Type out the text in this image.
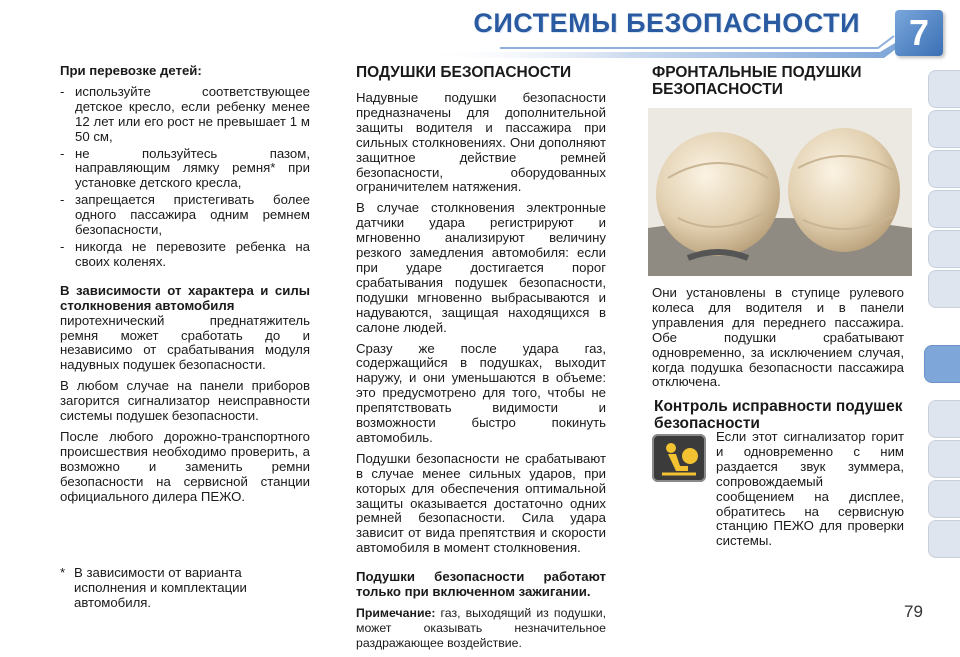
СИСТЕМЫ БЕЗОПАСНОСТИ	7

При перевозке детей:

- используйте соответствующее детское кресло, если ребенку менее 12 лет или его рост не превышает 1 м 50 см,
- не пользуйтесь пазом, направляющим лямку ремня* при установке детского кресла,
- запрещается пристегивать более одного пассажира одним ремнем безопасности,
- никогда не перевозите ребенка на своих коленях.

В зависимости от характера и силы столкновения автомобиля

пиротехнический преднатяжитель ремня может сработать до и независимо от срабатывания модуля надувных подушек безопасности.

В любом случае на панели приборов загорится сигнализатор неисправности системы подушек безопасности.

После любого дорожно-транспортного происшествия необходимо проверить, а возможно и заменить ремни безопасности на сервисной станции официального дилера ПЕЖО.

* В зависимости от варианта исполнения и комплектации автомобиля.
ПОДУШКИ БЕЗОПАСНОСТИ

Надувные подушки безопасности предназначены для дополнительной защиты водителя и пассажира при сильных столкновениях. Они дополняют защитное действие ремней безопасности, оборудованных ограничителем натяжения.

В случае столкновения электронные датчики удара регистрируют и мгновенно анализируют величину резкого замедления автомобиля: если при ударе достигается порог срабатывания подушек безопасности, подушки мгновенно выбрасываются и надуваются, защищая находящихся в салоне людей.

Сразу же после удара газ, содержащийся в подушках, выходит наружу, и они уменьшаются в объеме: это предусмотрено для того, чтобы не препятствовать видимости и возможности быстро покинуть автомобиль.

Подушки безопасности не срабатывают в случае менее сильных ударов, при которых для обеспечения оптимальной защиты оказывается достаточно одних ремней безопасности. Сила удара зависит от вида препятствия и скорости автомобиля в момент столкновения.

Подушки безопасности работают только при включенном зажигании.

Примечание: газ, выходящий из подушки, может оказывать незначительное раздражающее воздействие.

ФРОНТАЛЬНЫЕ ПОДУШКИ БЕЗОПАСНОСТИ

Они установлены в ступице рулевого колеса для водителя и в панели управления для переднего пассажира. Обе подушки срабатывают одновременно, за исключением случая, когда подушка безопасности пассажира отключена.

Контроль исправности подушек безопасности

Если этот сигнализатор горит и одновременно с ним раздается звук зуммера, сопровождаемый сообщением на дисплее, обратитесь на сервисную станцию ПЕЖО для проверки системы.

79
